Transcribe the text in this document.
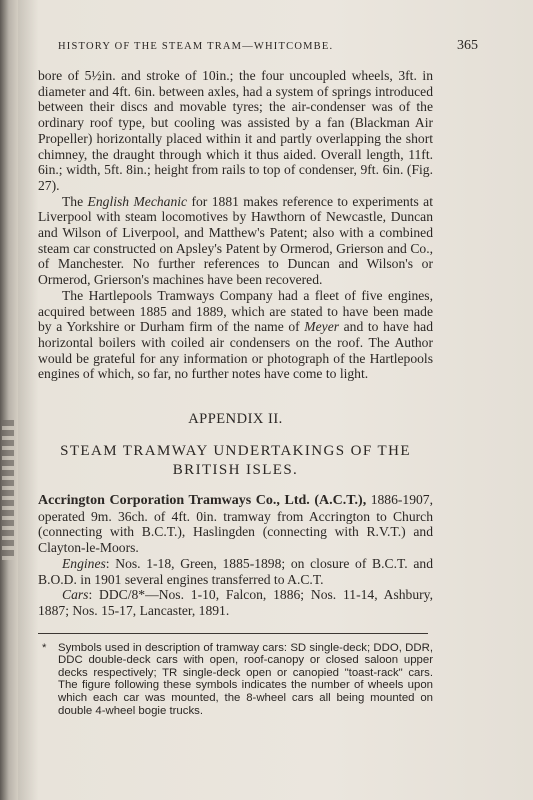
HISTORY OF THE STEAM TRAM—WHITCOMBE.	365

bore of 5½in. and stroke of 10in.; the four uncoupled wheels, 3ft. in diameter and 4ft. 6in. between axles, had a system of springs introduced between their discs and movable tyres; the air-condenser was of the ordinary roof type, but cooling was assisted by a fan (Blackman Air Propeller) horizontally placed within it and partly overlapping the short chimney, the draught through which it thus aided. Overall length, 11ft. 6in.; width, 5ft. 8in.; height from rails to top of condenser, 9ft. 6in. (Fig. 27).

The English Mechanic for 1881 makes reference to experiments at Liverpool with steam locomotives by Hawthorn of Newcastle, Duncan and Wilson of Liverpool, and Matthew's Patent; also with a combined steam car constructed on Apsley's Patent by Ormerod, Grierson and Co., of Manchester. No further references to Duncan and Wilson's or Ormerod, Grierson's machines have been recovered.

The Hartlepools Tramways Company had a fleet of five engines, acquired between 1885 and 1889, which are stated to have been made by a Yorkshire or Durham firm of the name of Meyer and to have had horizontal boilers with coiled air condensers on the roof. The Author would be grateful for any information or photograph of the Hartlepools engines of which, so far, no further notes have come to light.

APPENDIX II.
STEAM TRAMWAY UNDERTAKINGS OF THE BRITISH ISLES.

Accrington Corporation Tramways Co., Ltd. (A.C.T.), 1886-1907, operated 9m. 36ch. of 4ft. 0in. tramway from Accrington to Church (connecting with B.C.T.), Haslingden (connecting with R.V.T.) and Clayton-le-Moors.

Engines: Nos. 1-18, Green, 1885-1898; on closure of B.C.T. and B.O.D. in 1901 several engines transferred to A.C.T.

Cars: DDC/8*—Nos. 1-10, Falcon, 1886; Nos. 11-14, Ashbury, 1887; Nos. 15-17, Lancaster, 1891.

* Symbols used in description of tramway cars: SD single-deck; DDO, DDR, DDC double-deck cars with open, roof-canopy or closed saloon upper decks respectively; TR single-deck open or canopied "toast-rack" cars. The figure following these symbols indicates the number of wheels upon which each car was mounted, the 8-wheel cars all being mounted on double 4-wheel bogie trucks.
